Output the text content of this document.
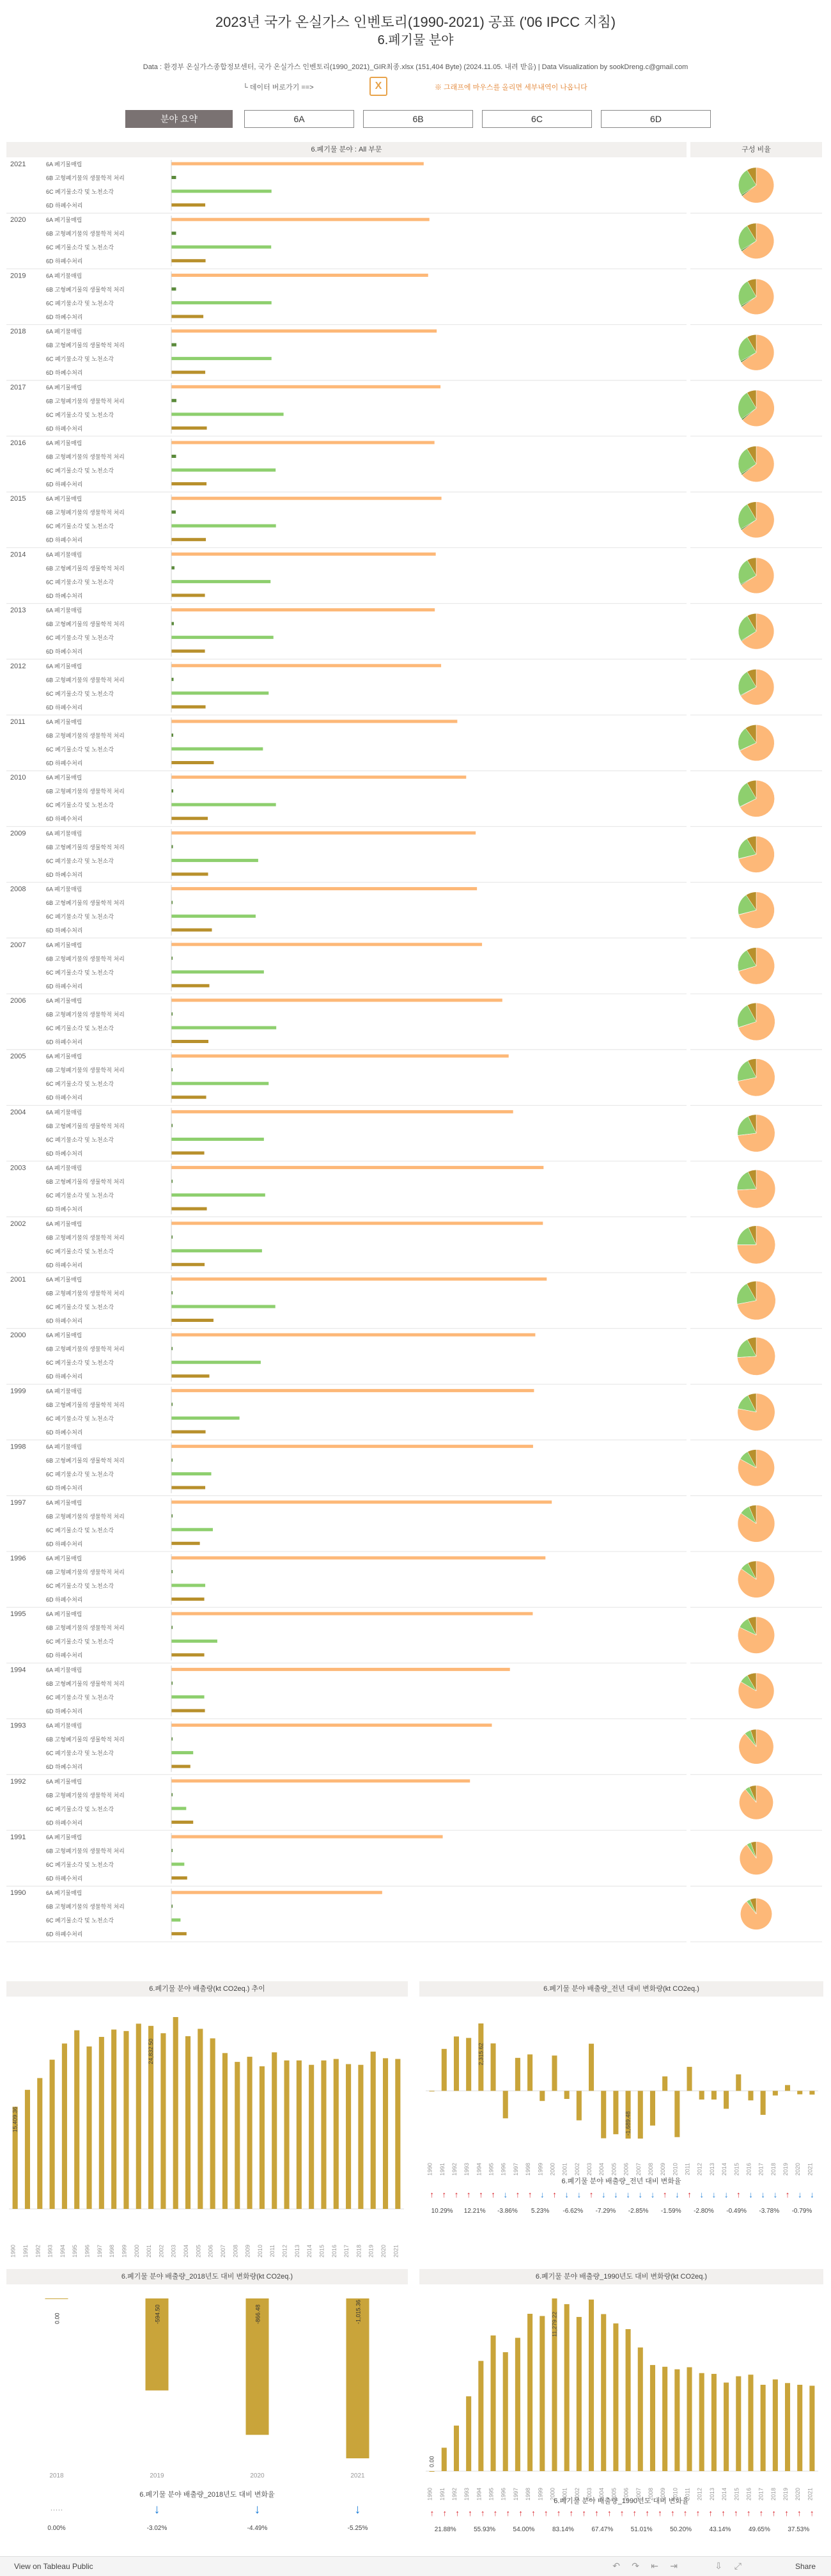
2023년 국가 온실가스 인벤토리(1990-2021) 공표 ('06 IPCC 지침)
6.폐기물 분야
Data : 환경부 온실가스종합정보센터, 국가 온실가스 인벤토리(1990_2021)_GIR최종.xlsx (151,404 Byte) (2024.11.05. 내려 받음) | Data Visualization by sookDreng.c@gmail.com
└ 데이터 버로가기 ==>	X	※ 그래프에 마우스를 올리면 세부내역이 나옵니다
분야 요약	6A	6B	6C	6D
6.폐기물 분야 : All 부문	구성 비율
2021	6A 폐기물매립
6B 고형폐기물의 생물학적 처리
6C 폐기물소각 및 노천소각
6D 하폐수처리
2020	6A 폐기물매립
6B 고형폐기물의 생물학적 처리
6C 폐기물소각 및 노천소각
6D 하폐수처리
2019	6A 폐기물매립
6B 고형폐기물의 생물학적 처리
6C 폐기물소각 및 노천소각
6D 하폐수처리
2018	6A 폐기물매립
6B 고형폐기물의 생물학적 처리
6C 폐기물소각 및 노천소각
6D 하폐수처리
2017	6A 폐기물매립
6B 고형폐기물의 생물학적 처리
6C 폐기물소각 및 노천소각
6D 하폐수처리
2016	6A 폐기물매립
6B 고형폐기물의 생물학적 처리
6C 폐기물소각 및 노천소각
6D 하폐수처리
2015	6A 폐기물매립
6B 고형폐기물의 생물학적 처리
6C 폐기물소각 및 노천소각
6D 하폐수처리
2014	6A 폐기물매립
6B 고형폐기물의 생물학적 처리
6C 폐기물소각 및 노천소각
6D 하폐수처리
2013	6A 폐기물매립
6B 고형폐기물의 생물학적 처리
6C 폐기물소각 및 노천소각
6D 하폐수처리
2012	6A 폐기물매립
6B 고형폐기물의 생물학적 처리
6C 폐기물소각 및 노천소각
6D 하폐수처리
2011	6A 폐기물매립
6B 고형폐기물의 생물학적 처리
6C 폐기물소각 및 노천소각
6D 하폐수처리
2010	6A 폐기물매립
6B 고형폐기물의 생물학적 처리
6C 폐기물소각 및 노천소각
6D 하폐수처리
2009	6A 폐기물매립
6B 고형폐기물의 생물학적 처리
6C 폐기물소각 및 노천소각
6D 하폐수처리
2008	6A 폐기물매립
6B 고형폐기물의 생물학적 처리
6C 폐기물소각 및 노천소각
6D 하폐수처리
2007	6A 폐기물매립
6B 고형폐기물의 생물학적 처리
6C 폐기물소각 및 노천소각
6D 하폐수처리
2006	6A 폐기물매립
6B 고형폐기물의 생물학적 처리
6C 폐기물소각 및 노천소각
6D 하폐수처리
2005	6A 폐기물매립
6B 고형폐기물의 생물학적 처리
6C 폐기물소각 및 노천소각
6D 하폐수처리
2004	6A 폐기물매립
6B 고형폐기물의 생물학적 처리
6C 폐기물소각 및 노천소각
6D 하폐수처리
2003	6A 폐기물매립
6B 고형폐기물의 생물학적 처리
6C 폐기물소각 및 노천소각
6D 하폐수처리
2002	6A 폐기물매립
6B 고형폐기물의 생물학적 처리
6C 폐기물소각 및 노천소각
6D 하폐수처리
2001	6A 폐기물매립
6B 고형폐기물의 생물학적 처리
6C 폐기물소각 및 노천소각
6D 하폐수처리
2000	6A 폐기물매립
6B 고형폐기물의 생물학적 처리
6C 폐기물소각 및 노천소각
6D 하폐수처리
1999	6A 폐기물매립
6B 고형폐기물의 생물학적 처리
6C 폐기물소각 및 노천소각
6D 하폐수처리
1998	6A 폐기물매립
6B 고형폐기물의 생물학적 처리
6C 폐기물소각 및 노천소각
6D 하폐수처리
1997	6A 폐기물매립
6B 고형폐기물의 생물학적 처리
6C 폐기물소각 및 노천소각
6D 하폐수처리
1996	6A 폐기물매립
6B 고형폐기물의 생물학적 처리
6C 폐기물소각 및 노천소각
6D 하폐수처리
1995	6A 폐기물매립
6B 고형폐기물의 생물학적 처리
6C 폐기물소각 및 노천소각
6D 하폐수처리
1994	6A 폐기물매립
6B 고형폐기물의 생물학적 처리
6C 폐기물소각 및 노천소각
6D 하폐수처리
1993	6A 폐기물매립
6B 고형폐기물의 생물학적 처리
6C 폐기물소각 및 노천소각
6D 하폐수처리
1992	6A 폐기물매립
6B 고형폐기물의 생물학적 처리
6C 폐기물소각 및 노천소각
6D 하폐수처리
1991	6A 폐기물매립
6B 고형폐기물의 생물학적 처리
6C 폐기물소각 및 노천소각
6D 하폐수처리
1990	6A 폐기물매립
6B 고형폐기물의 생물학적 처리
6C 폐기물소각 및 노천소각
6D 하폐수처리
6.폐기물 분야 배출량(kt CO2eq.) 추이
1990 1991 1992 1993 1994 1995 1996 1997 1998 1999 2000 2001 2002 2003 2004 2005 2006 2007 2008 2009 2010 2011 2012 2013 2014 2015 2016 2017 2018 2019 2020 2021
15,409.36
24,832.50
6.폐기물 분야 배출량_전년 대비 변화량(kt CO2eq.)
1990 1991 1992 1993 1994 1995 1996 1997 1998 1999 2000 2001 2002 2003 2004 2005 2006 2007 2008 2009 2010 2011 2012 2013 2014 2015 2016 2017 2018 2019 2020 2021
2,315.62
-1,689.48
6.폐기물 분야 배출량_전년 대비 변화율
↑ ↑ ↑ ↑ ↑ ↑ ↓ ↑ ↑ ↓ ↑ ↓ ↓ ↑ ↓ ↓ ↓ ↓ ↓ ↑ ↓ ↑ ↓ ↓ ↓ ↑ ↓ ↓ ↓ ↑ ↓ ↓
10.29% 12.21% -3.86% 5.23% -6.62% -7.29% -2.85% -1.59% -2.80% -0.49% -3.78% -0.79%
6.폐기물 분야 배출량_2018년도 대비 변화량(kt CO2eq.)
0.00
2018
-594.50
2019
-866.48
2020
-1,015.36
2021
6.폐기물 분야 배출량_2018년도 대비 변화율
·····
0.00%
↓
-3.02%
↓
-4.49%
↓
-5.25%
6.폐기물 분야 배출량_1990년도 대비 변화량(kt CO2eq.)
1990 1991 1992 1993 1994 1995 1996 1997 1998 1999 2000 2001 2002 2003 2004 2005 2006 2007 2008 2009 2010 2011 2012 2013 2014 2015 2016 2017 2018 2019 2020 2021
0.00
11,279.22
6.폐기물 분야 배출량_1990년도 대비 변화율
↑ ↑ ↑ ↑ ↑ ↑ ↑ ↑ ↑ ↑ ↑ ↑ ↑ ↑ ↑ ↑ ↑ ↑ ↑ ↑ ↑ ↑ ↑ ↑ ↑ ↑ ↑ ↑ ↑ ↑ ↑
21.88%	55.93%	54.00%	83.14%	67.47%	51.01%	50.20%	43.14%	49.65%	37.53%
View on Tableau Public	↶ ↷ ⇤ ⇥	⇩ ⤢	Share
